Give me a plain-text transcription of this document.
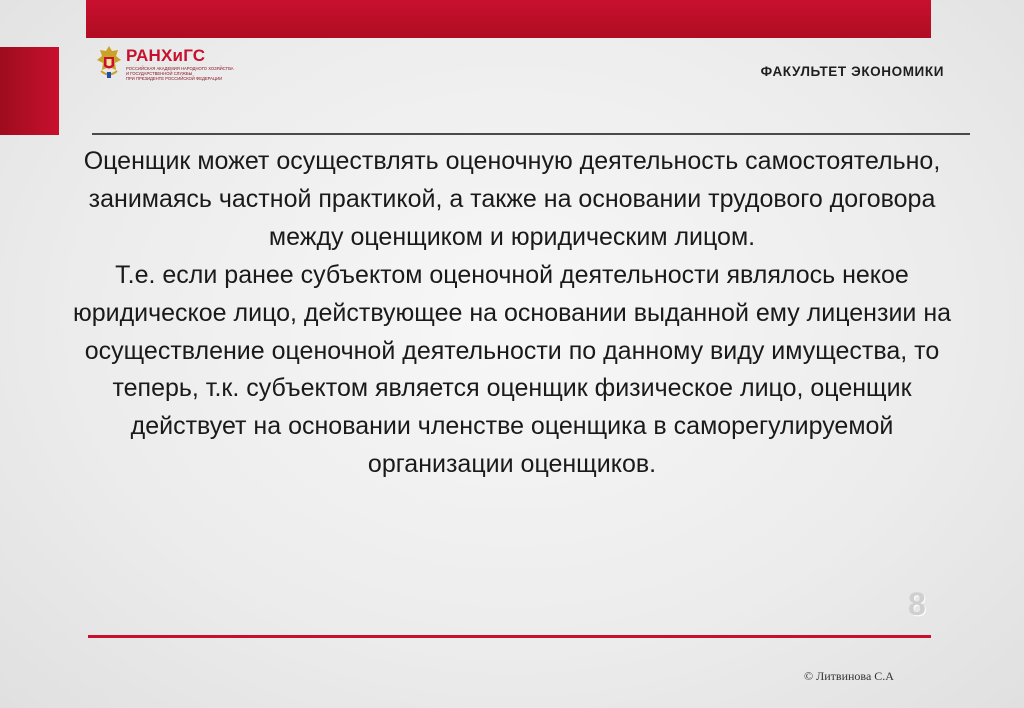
РАНХиГС
РОССИЙСКАЯ АКАДЕМИЯ НАРОДНОГО ХОЗЯЙСТВА
И ГОСУДАРСТВЕННОЙ СЛУЖБЫ
ПРИ ПРЕЗИДЕНТЕ РОССИЙСКОЙ ФЕДЕРАЦИИ	ФАКУЛЬТЕТ ЭКОНОМИКИ

Оценщик может осуществлять оценочную деятельность самостоятельно, занимаясь частной практикой, а также на основании трудового договора между оценщиком и юридическим лицом.

Т.е. если ранее субъектом оценочной деятельности являлось некое юридическое лицо, действующее на основании выданной ему лицензии на осуществление оценочной деятельности по данному виду имущества, то теперь, т.к. субъектом является оценщик физическое лицо, оценщик действует на основании членстве оценщика в саморегулируемой организации оценщиков.

8
© Литвинова С.А
